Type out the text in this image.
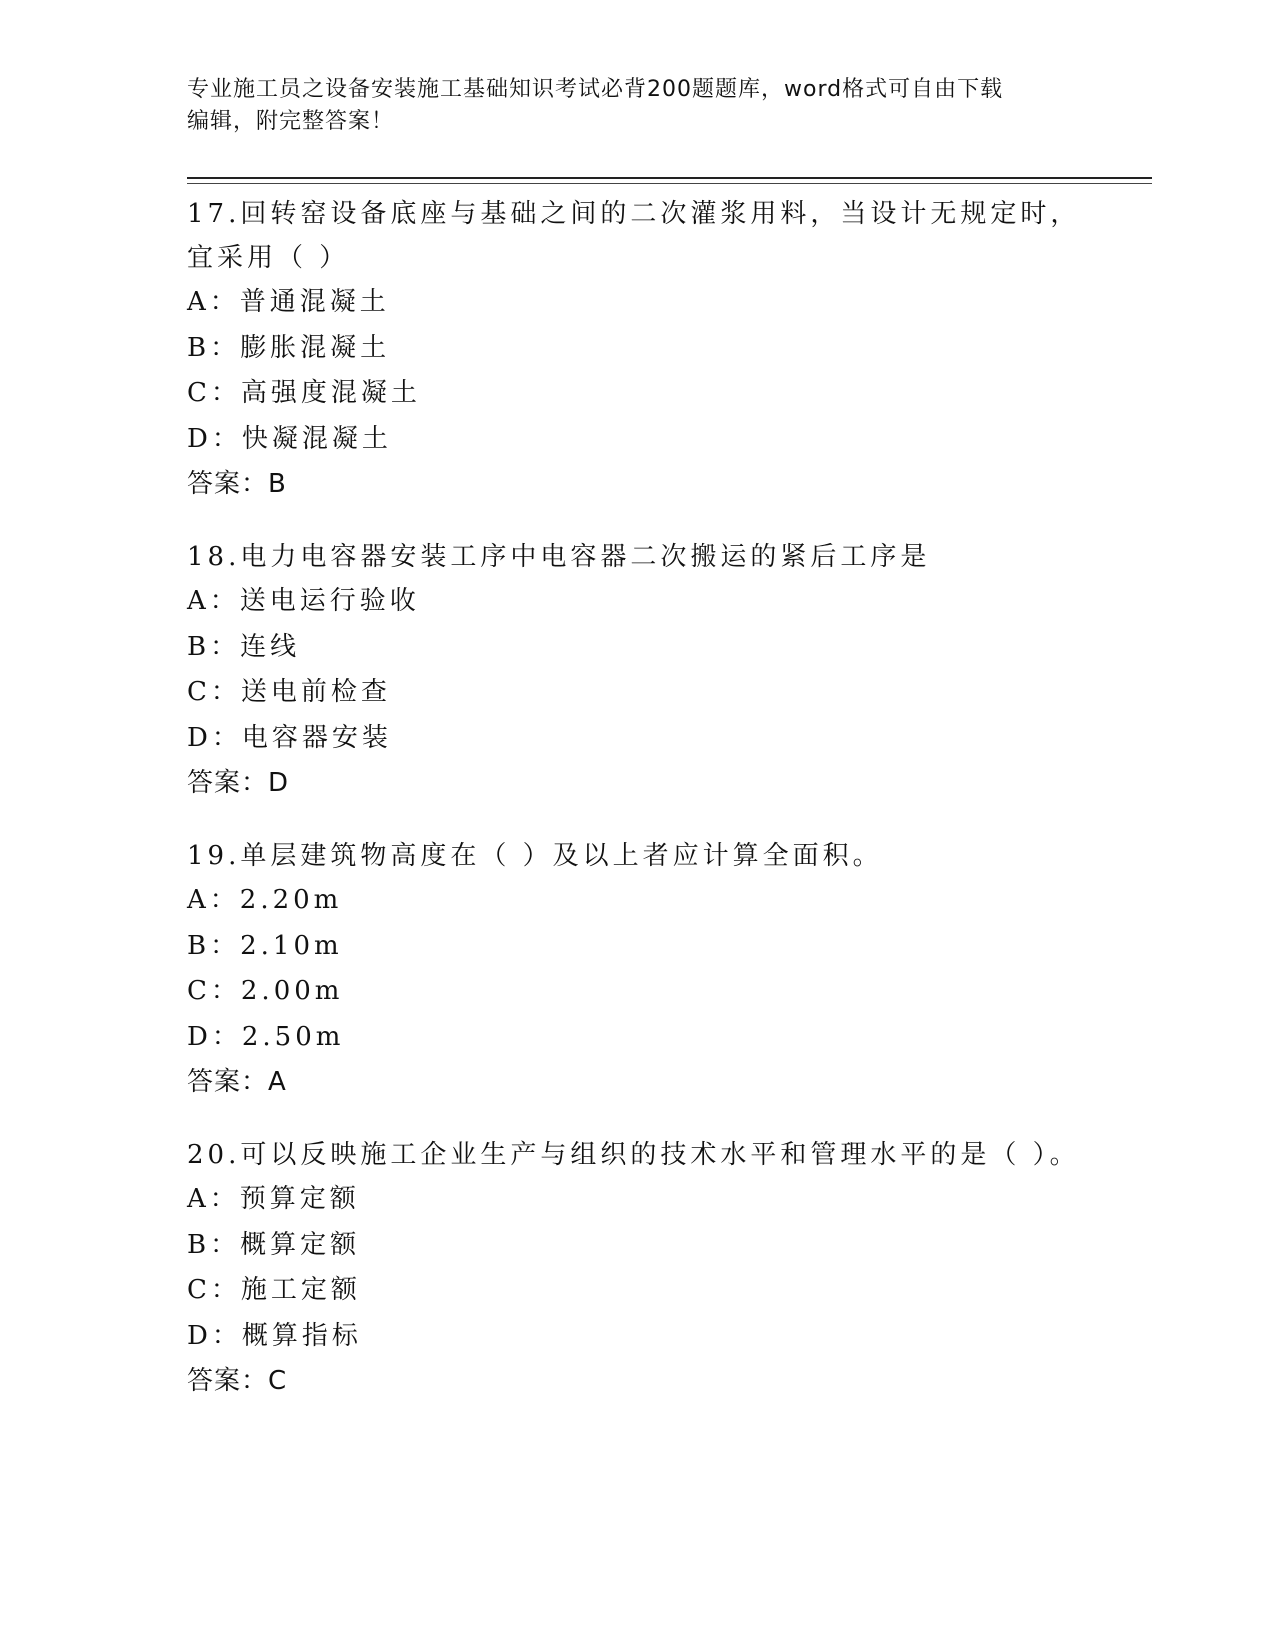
专业施工员之设备安装施工基础知识考试必背200题题库，word格式可自由下载
编辑，附完整答案！

17.回转窑设备底座与基础之间的二次灌浆用料，当设计无规定时，宜采用（ ）

A：普通混凝土

B：膨胀混凝土

C：高强度混凝土

D：快凝混凝土

答案：B

18.电力电容器安装工序中电容器二次搬运的紧后工序是

A：送电运行验收

B：连线

C：送电前检查

D：电容器安装

答案：D

19.单层建筑物高度在（ ）及以上者应计算全面积。

A：2.20m

B：2.10m

C：2.00m

D：2.50m

答案：A

20.可以反映施工企业生产与组织的技术水平和管理水平的是（ ）。

A：预算定额

B：概算定额

C：施工定额

D：概算指标

答案：C
